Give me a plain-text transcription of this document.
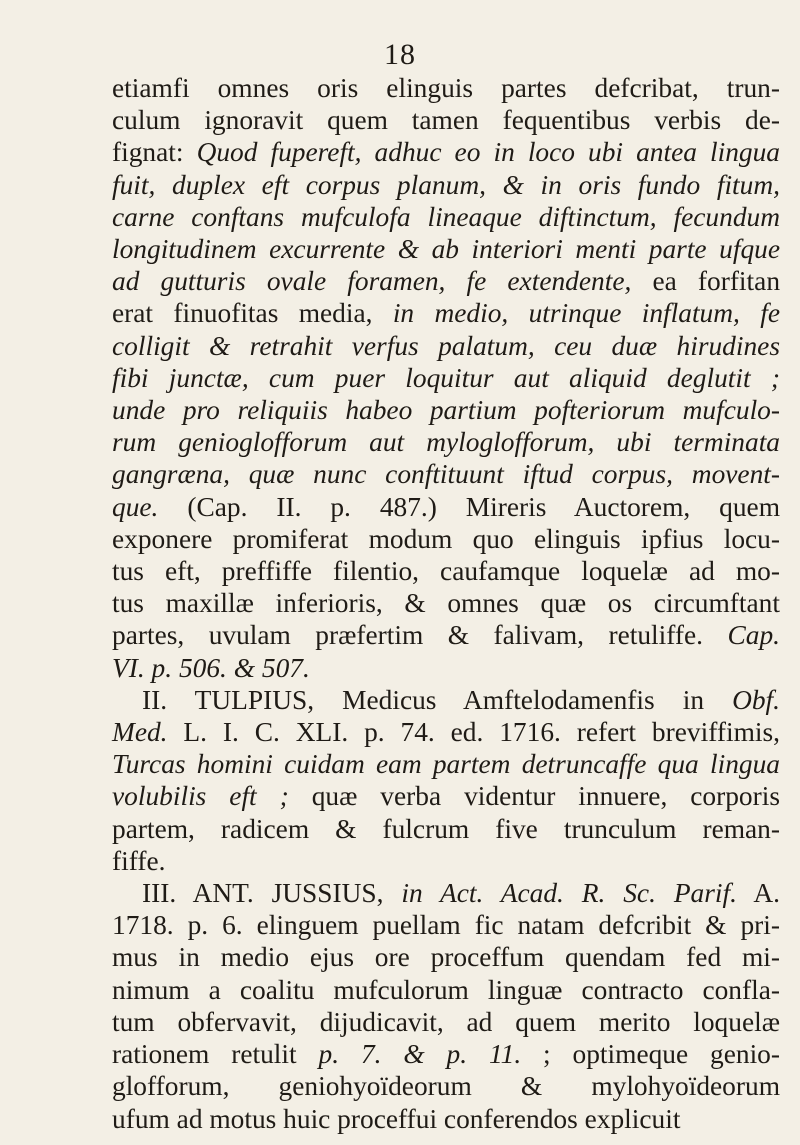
18
etiamfi omnes oris elinguis partes defcribat, trun-
culum ignoravit quem tamen fequentibus verbis de-
fignat: Quod fupereft, adhuc eo in loco ubi antea lingua
fuit, duplex eft corpus planum, & in oris fundo fitum,
carne conftans mufculofa lineaque diftinctum, fecundum
longitudinem excurrente & ab interiori menti parte ufque
ad gutturis ovale foramen, fe extendente, ea forfitan
erat finuofitas media, in medio, utrinque inflatum, fe
colligit & retrahit verfus palatum, ceu duæ hirudines
fibi junctæ, cum puer loquitur aut aliquid deglutit ;
unde pro reliquiis habeo partium pofteriorum mufculo-
rum genioglofforum aut myloglofforum, ubi terminata
gangræna, quæ nunc conftituunt iftud corpus, movent-
que. (Cap. II. p. 487.) Mireris Auctorem, quem
exponere promiferat modum quo elinguis ipfius locu-
tus eft, preffiffe filentio, caufamque loquelæ ad mo-
tus maxillæ inferioris, & omnes quæ os circumftant
partes, uvulam præfertim & falivam, retuliffe. Cap.
VI. p. 506. & 507.
II. TULPIUS, Medicus Amftelodamenfis in Obf.
Med. L. I. C. XLI. p. 74. ed. 1716. refert breviffimis,
Turcas homini cuidam eam partem detruncaffe qua lingua
volubilis eft ; quæ verba videntur innuere, corporis
partem, radicem & fulcrum five trunculum reman-
fiffe.
III. ANT. JUSSIUS, in Act. Acad. R. Sc. Parif. A.
1718. p. 6. elinguem puellam fic natam defcribit & pri-
mus in medio ejus ore proceffum quendam fed mi-
nimum a coalitu mufculorum linguæ contracto confla-
tum obfervavit, dijudicavit, ad quem merito loquelæ
rationem retulit p. 7. & p. 11. ; optimeque genio-
glofforum, geniohyoïdeorum & mylohyoïdeorum
ufum ad motus huic proceffui conferendos explicuit
